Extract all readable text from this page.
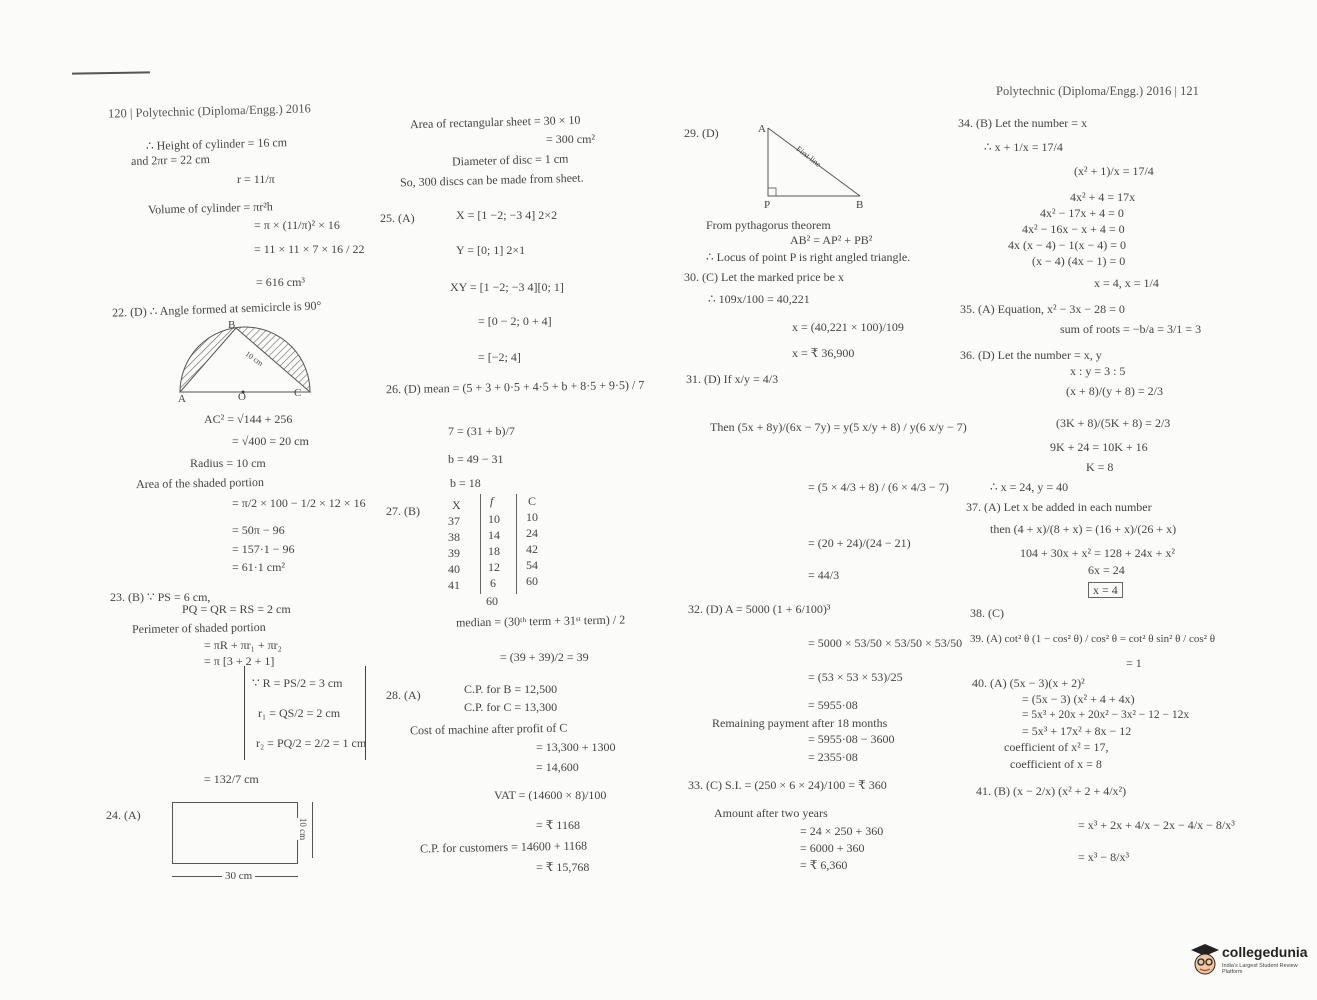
120 | Polytechnic (Diploma/Engg.) 2016
Polytechnic (Diploma/Engg.) 2016 | 121
∴ Height of cylinder = 16 cm
and 2πr = 22 cm
r = 11/π
Volume of cylinder = πr²h
= π × (11/π)² × 16
= 11 × 11 × 7 × 16 / 22
= 616 cm³
22. (D) ∴ Angle formed at semicircle is 90°
B
A	O	C
10 cm
AC² = √144 + 256
= √400 = 20 cm
Radius = 10 cm
Area of the shaded portion
= π/2 × 100 − 1/2 × 12 × 16
= 50π − 96
= 157·1 − 96
= 61·1 cm²
23. (B) ∵ PS = 6 cm,
PQ = QR = RS = 2 cm
Perimeter of shaded portion
= πR + πr₁ + πr₂
= π [3 + 2 + 1]
∵ R = PS/2 = 3 cm
r₁ = QS/2 = 2 cm
r₂ = PQ/2 = 2/2 = 1 cm
= 132/7 cm
24. (A)
30 cm
10 cm
Area of rectangular sheet = 30 × 10
= 300 cm²
Diameter of disc = 1 cm
So, 300 discs can be made from sheet.
25. (A)	X = [1 −2; −3 4] 2×2
Y = [0; 1] 2×1
XY = [1 −2; −3 4][0; 1]
= [0 − 2; 0 + 4]
= [−2; 4]
26. (D) mean = (5 + 3 + 0·5 + 4·5 + b + 8·5 + 9·5) / 7
7 = (31 + b)/7
b = 49 − 31
b = 18
27. (B)	X f	C
37 10 10
38 14 24
39 18 42
40 12 54
41	6	60
60
median = (30ᵗʰ term + 31ˢᵗ term) / 2
= (39 + 39)/2 = 39
28. (A)	C.P. for B = 12,500
C.P. for C = 13,300
Cost of machine after profit of C
= 13,300 + 1300
= 14,600
VAT = (14600 × 8)/100
= ₹ 1168
C.P. for customers = 14600 + 1168
= ₹ 15,768
29. (D)	A
P	B
First line
From pythagorus theorem
AB² = AP² + PB²
∴ Locus of point P is right angled triangle.
30. (C) Let the marked price be x
∴ 109x/100 = 40,221
x = (40,221 × 100)/109
x = ₹ 36,900
31. (D) If x/y = 4/3
Then (5x + 8y)/(6x − 7y) = y(5 x/y + 8) / y(6 x/y − 7)
= (5 × 4/3 + 8) / (6 × 4/3 − 7)
= (20 + 24)/(24 − 21)
= 44/3
32. (D) A = 5000 (1 + 6/100)³
= 5000 × 53/50 × 53/50 × 53/50
= (53 × 53 × 53)/25
= 5955·08
Remaining payment after 18 months
= 5955·08 − 3600
= 2355·08
33. (C) S.I. = (250 × 6 × 24)/100 = ₹ 360
Amount after two years
= 24 × 250 + 360
= 6000 + 360
= ₹ 6,360
34. (B) Let the number = x
∴ x + 1/x = 17/4
(x² + 1)/x = 17/4
4x² + 4 = 17x
4x² − 17x + 4 = 0
4x² − 16x − x + 4 = 0
4x (x − 4) − 1(x − 4) = 0
(x − 4) (4x − 1) = 0
x = 4, x = 1/4
35. (A) Equation, x² − 3x − 28 = 0
sum of roots = −b/a = 3/1 = 3
36. (D) Let the number = x, y
x : y = 3 : 5
(x + 8)/(y + 8) = 2/3
(3K + 8)/(5K + 8) = 2/3
9K + 24 = 10K + 16
K = 8
∴ x = 24, y = 40
37. (A) Let x be added in each number
then (4 + x)/(8 + x) = (16 + x)/(26 + x)
104 + 30x + x² = 128 + 24x + x²
6x = 24
x = 4
38. (C)
39. (A) cot² θ (1 − cos² θ) / cos² θ = cot² θ sin² θ / cos² θ
= 1
40. (A) (5x − 3)(x + 2)²
= (5x − 3) (x² + 4 + 4x)
= 5x³ + 20x + 20x² − 3x² − 12 − 12x
= 5x³ + 17x² + 8x − 12
coefficient of x² = 17,
coefficient of x = 8
41. (B) (x − 2/x) (x² + 2 + 4/x²)
= x³ + 2x + 4/x − 2x − 4/x − 8/x³
= x³ − 8/x³
collegedunia
India's Largest Student Review Platform
